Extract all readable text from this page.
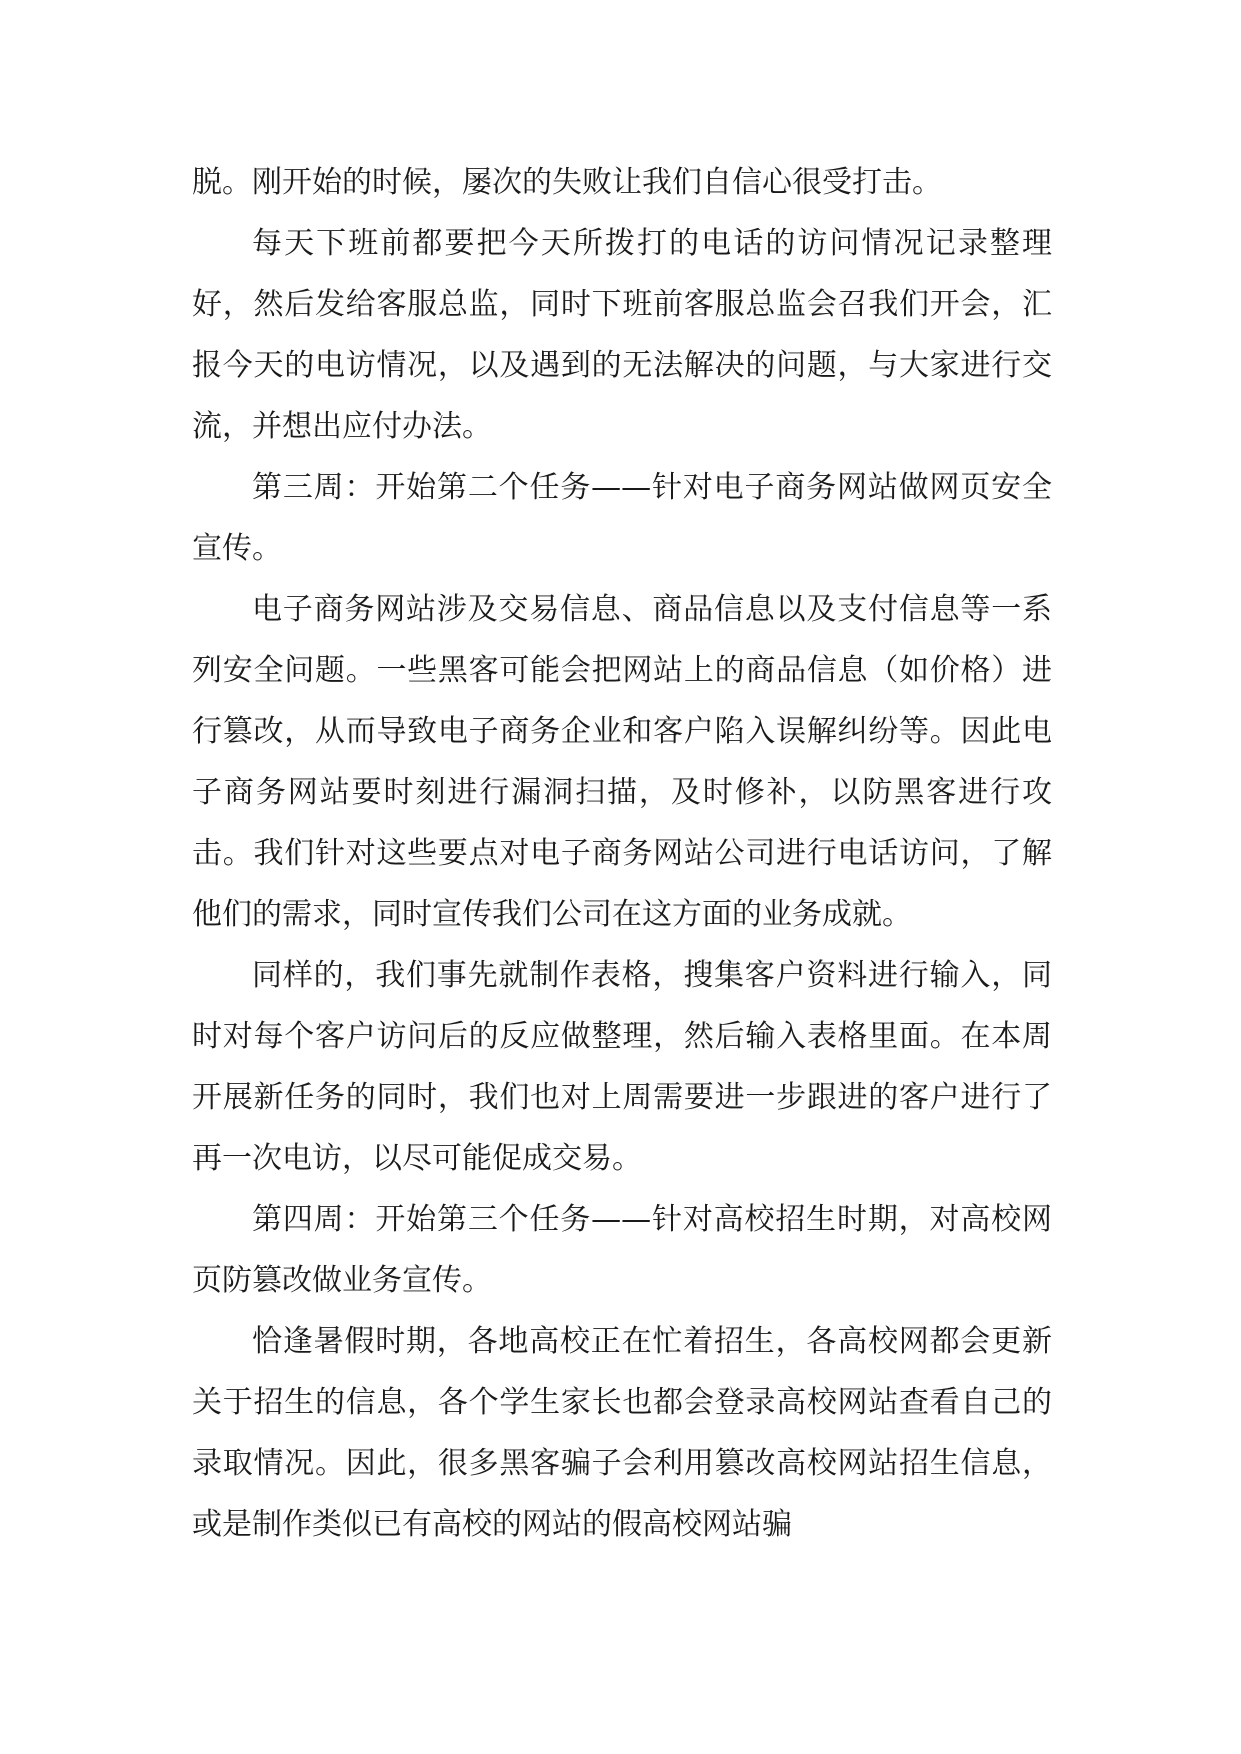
脱。刚开始的时候，屡次的失败让我们自信心很受打击。

每天下班前都要把今天所拨打的电话的访问情况记录整理好，然后发给客服总监，同时下班前客服总监会召我们开会，汇报今天的电访情况，以及遇到的无法解决的问题，与大家进行交流，并想出应付办法。

第三周：开始第二个任务——针对电子商务网站做网页安全宣传。

电子商务网站涉及交易信息、商品信息以及支付信息等一系列安全问题。一些黑客可能会把网站上的商品信息（如价格）进行篡改，从而导致电子商务企业和客户陷入误解纠纷等。因此电子商务网站要时刻进行漏洞扫描，及时修补，以防黑客进行攻击。我们针对这些要点对电子商务网站公司进行电话访问，了解他们的需求，同时宣传我们公司在这方面的业务成就。

同样的，我们事先就制作表格，搜集客户资料进行输入，同时对每个客户访问后的反应做整理，然后输入表格里面。在本周开展新任务的同时，我们也对上周需要进一步跟进的客户进行了再一次电访，以尽可能促成交易。

第四周：开始第三个任务——针对高校招生时期，对高校网页防篡改做业务宣传。

恰逢暑假时期，各地高校正在忙着招生，各高校网都会更新关于招生的信息，各个学生家长也都会登录高校网站查看自己的录取情况。因此，很多黑客骗子会利用篡改高校网站招生信息，或是制作类似已有高校的网站的假高校网站骗
